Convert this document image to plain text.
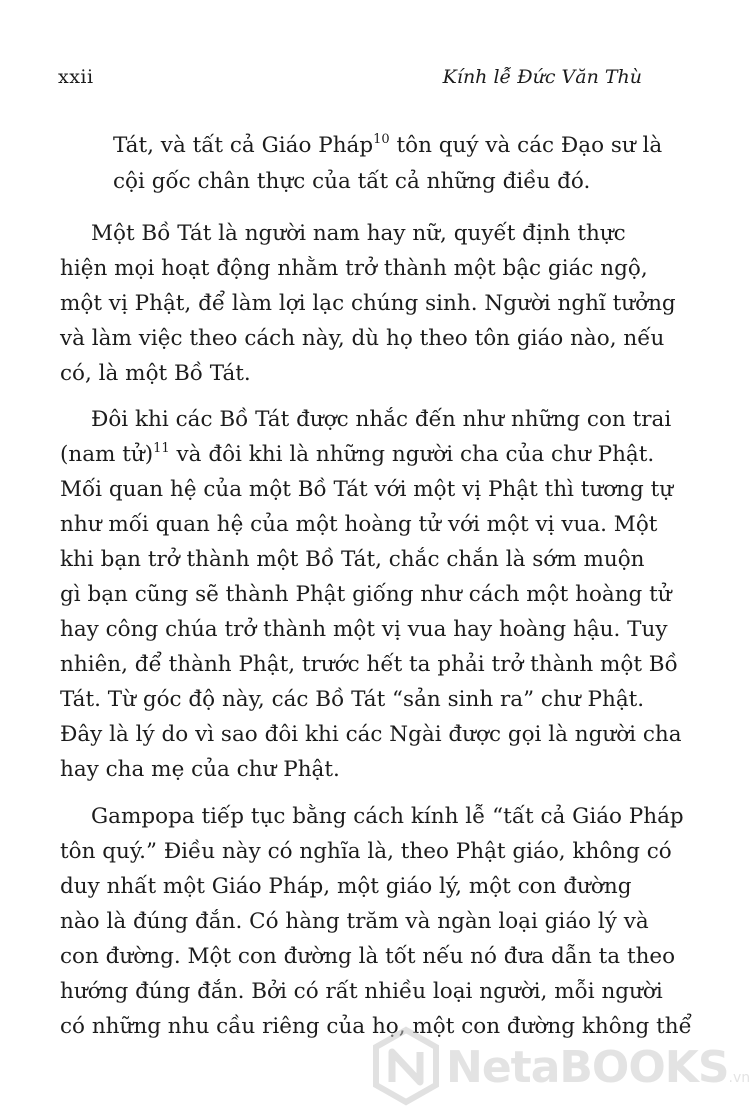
xxii	Kính lễ Đức Văn Thù
Tát, và tất cả Giáo Pháp$^{10}$ tôn quý và các Đạo sư là
cội gốc chân thực của tất cả những điều đó.
Một Bồ Tát là người nam hay nữ, quyết định thực
hiện mọi hoạt động nhằm trở thành một bậc giác ngộ,
một vị Phật, để làm lợi lạc chúng sinh. Người nghĩ tưởng
và làm việc theo cách này, dù họ theo tôn giáo nào, nếu
có, là một Bồ Tát.
Đôi khi các Bồ Tát được nhắc đến như những con trai
(nam tử)$^{11}$ và đôi khi là những người cha của chư Phật.
Mối quan hệ của một Bồ Tát với một vị Phật thì tương tự
như mối quan hệ của một hoàng tử với một vị vua. Một
khi bạn trở thành một Bồ Tát, chắc chắn là sớm muộn
gì bạn cũng sẽ thành Phật giống như cách một hoàng tử
hay công chúa trở thành một vị vua hay hoàng hậu. Tuy
nhiên, để thành Phật, trước hết ta phải trở thành một Bồ
Tát. Từ góc độ này, các Bồ Tát “sản sinh ra” chư Phật.
Đây là lý do vì sao đôi khi các Ngài được gọi là người cha
hay cha mẹ của chư Phật.
Gampopa tiếp tục bằng cách kính lễ “tất cả Giáo Pháp
tôn quý.” Điều này có nghĩa là, theo Phật giáo, không có
duy nhất một Giáo Pháp, một giáo lý, một con đường
nào là đúng đắn. Có hàng trăm và ngàn loại giáo lý và
con đường. Một con đường là tốt nếu nó đưa dẫn ta theo
hướng đúng đắn. Bởi có rất nhiều loại người, mỗi người
có những nhu cầu riêng của họ, một con đường không thể
NetaBOOKS.vn
